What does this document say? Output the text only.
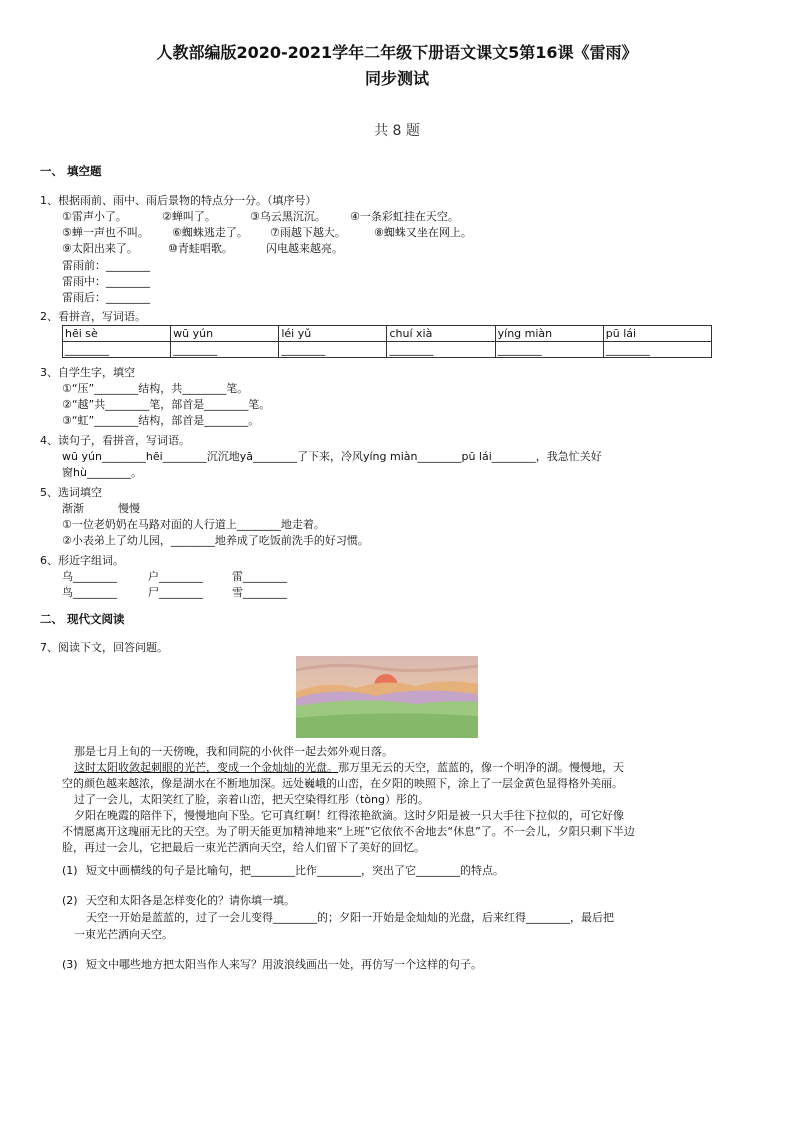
人教部编版2020-2021学年二年级下册语文课文5第16课《雷雨》
同步测试
共 8 题
一、 填空题
1、根据雨前、雨中、雨后景物的特点分一分。（填序号）
①雷声小了。	②蝉叫了。	③乌云黑沉沉。 ④一条彩虹挂在天空。
⑤蝉一声也不叫。 ⑥蜘蛛逃走了。 ⑦雨越下越大。	⑧蜘蛛又坐在网上。
⑨太阳出来了。	⑩青蛙唱歌。	闪电越来越亮。
雷雨前：________
雷雨中：________
雷雨后：________
2、看拼音，写词语。
hēi sè	wū yún	léi yǔ	chuí xià	yíng miàn	pū lái
________	________	________	________	________	________
3、自学生字，填空
①“压”________结构，共________笔。
②“越”共________笔，部首是________笔。
③“虹”________结构，部首是________。
4、读句子，看拼音，写词语。
wū yún________hēi________沉沉地yā________了下来，冷风yíng miàn________pū lái________，我急忙关好
窗hù________。
5、选词填空
渐渐	慢慢
①一位老奶奶在马路对面的人行道上________地走着。
②小表弟上了幼儿园，________地养成了吃饭前洗手的好习惯。
6、形近字组词。
乌________	户________	雷________
鸟________	尸________	雪________
二、 现代文阅读
7、阅读下文，回答问题。
那是七月上旬的一天傍晚，我和同院的小伙伴一起去郊外观日落。
这时太阳收敛起刺眼的光芒，变成一个金灿灿的光盘。那万里无云的天空，蓝蓝的，像一个明净的湖。慢慢地，天
空的颜色越来越浓，像是湖水在不断地加深。远处巍峨的山峦，在夕阳的映照下，涂上了一层金黄色显得格外美丽。
过了一会儿，太阳笑红了脸，亲着山峦，把天空染得红彤（tòng）彤的。
夕阳在晚霞的陪伴下，慢慢地向下坠。它可真红啊！红得浓艳欲滴。这时夕阳是被一只大手往下拉似的，可它好像
不情愿离开这瑰丽无比的天空。为了明天能更加精神地来“上班”它依依不舍地去“休息”了。不一会儿，夕阳只剩下半边
脸，再过一会儿，它把最后一束光芒洒向天空，给人们留下了美好的回忆。
(1) 短文中画横线的句子是比喻句，把________比作________，突出了它________的特点。
(2) 天空和太阳各是怎样变化的？请你填一填。
天空一开始是蓝蓝的，过了一会儿变得________的；夕阳一开始是金灿灿的光盘，后来红得________，最后把
一束光芒洒向天空。
(3) 短文中哪些地方把太阳当作人来写？用波浪线画出一处，再仿写一个这样的句子。
